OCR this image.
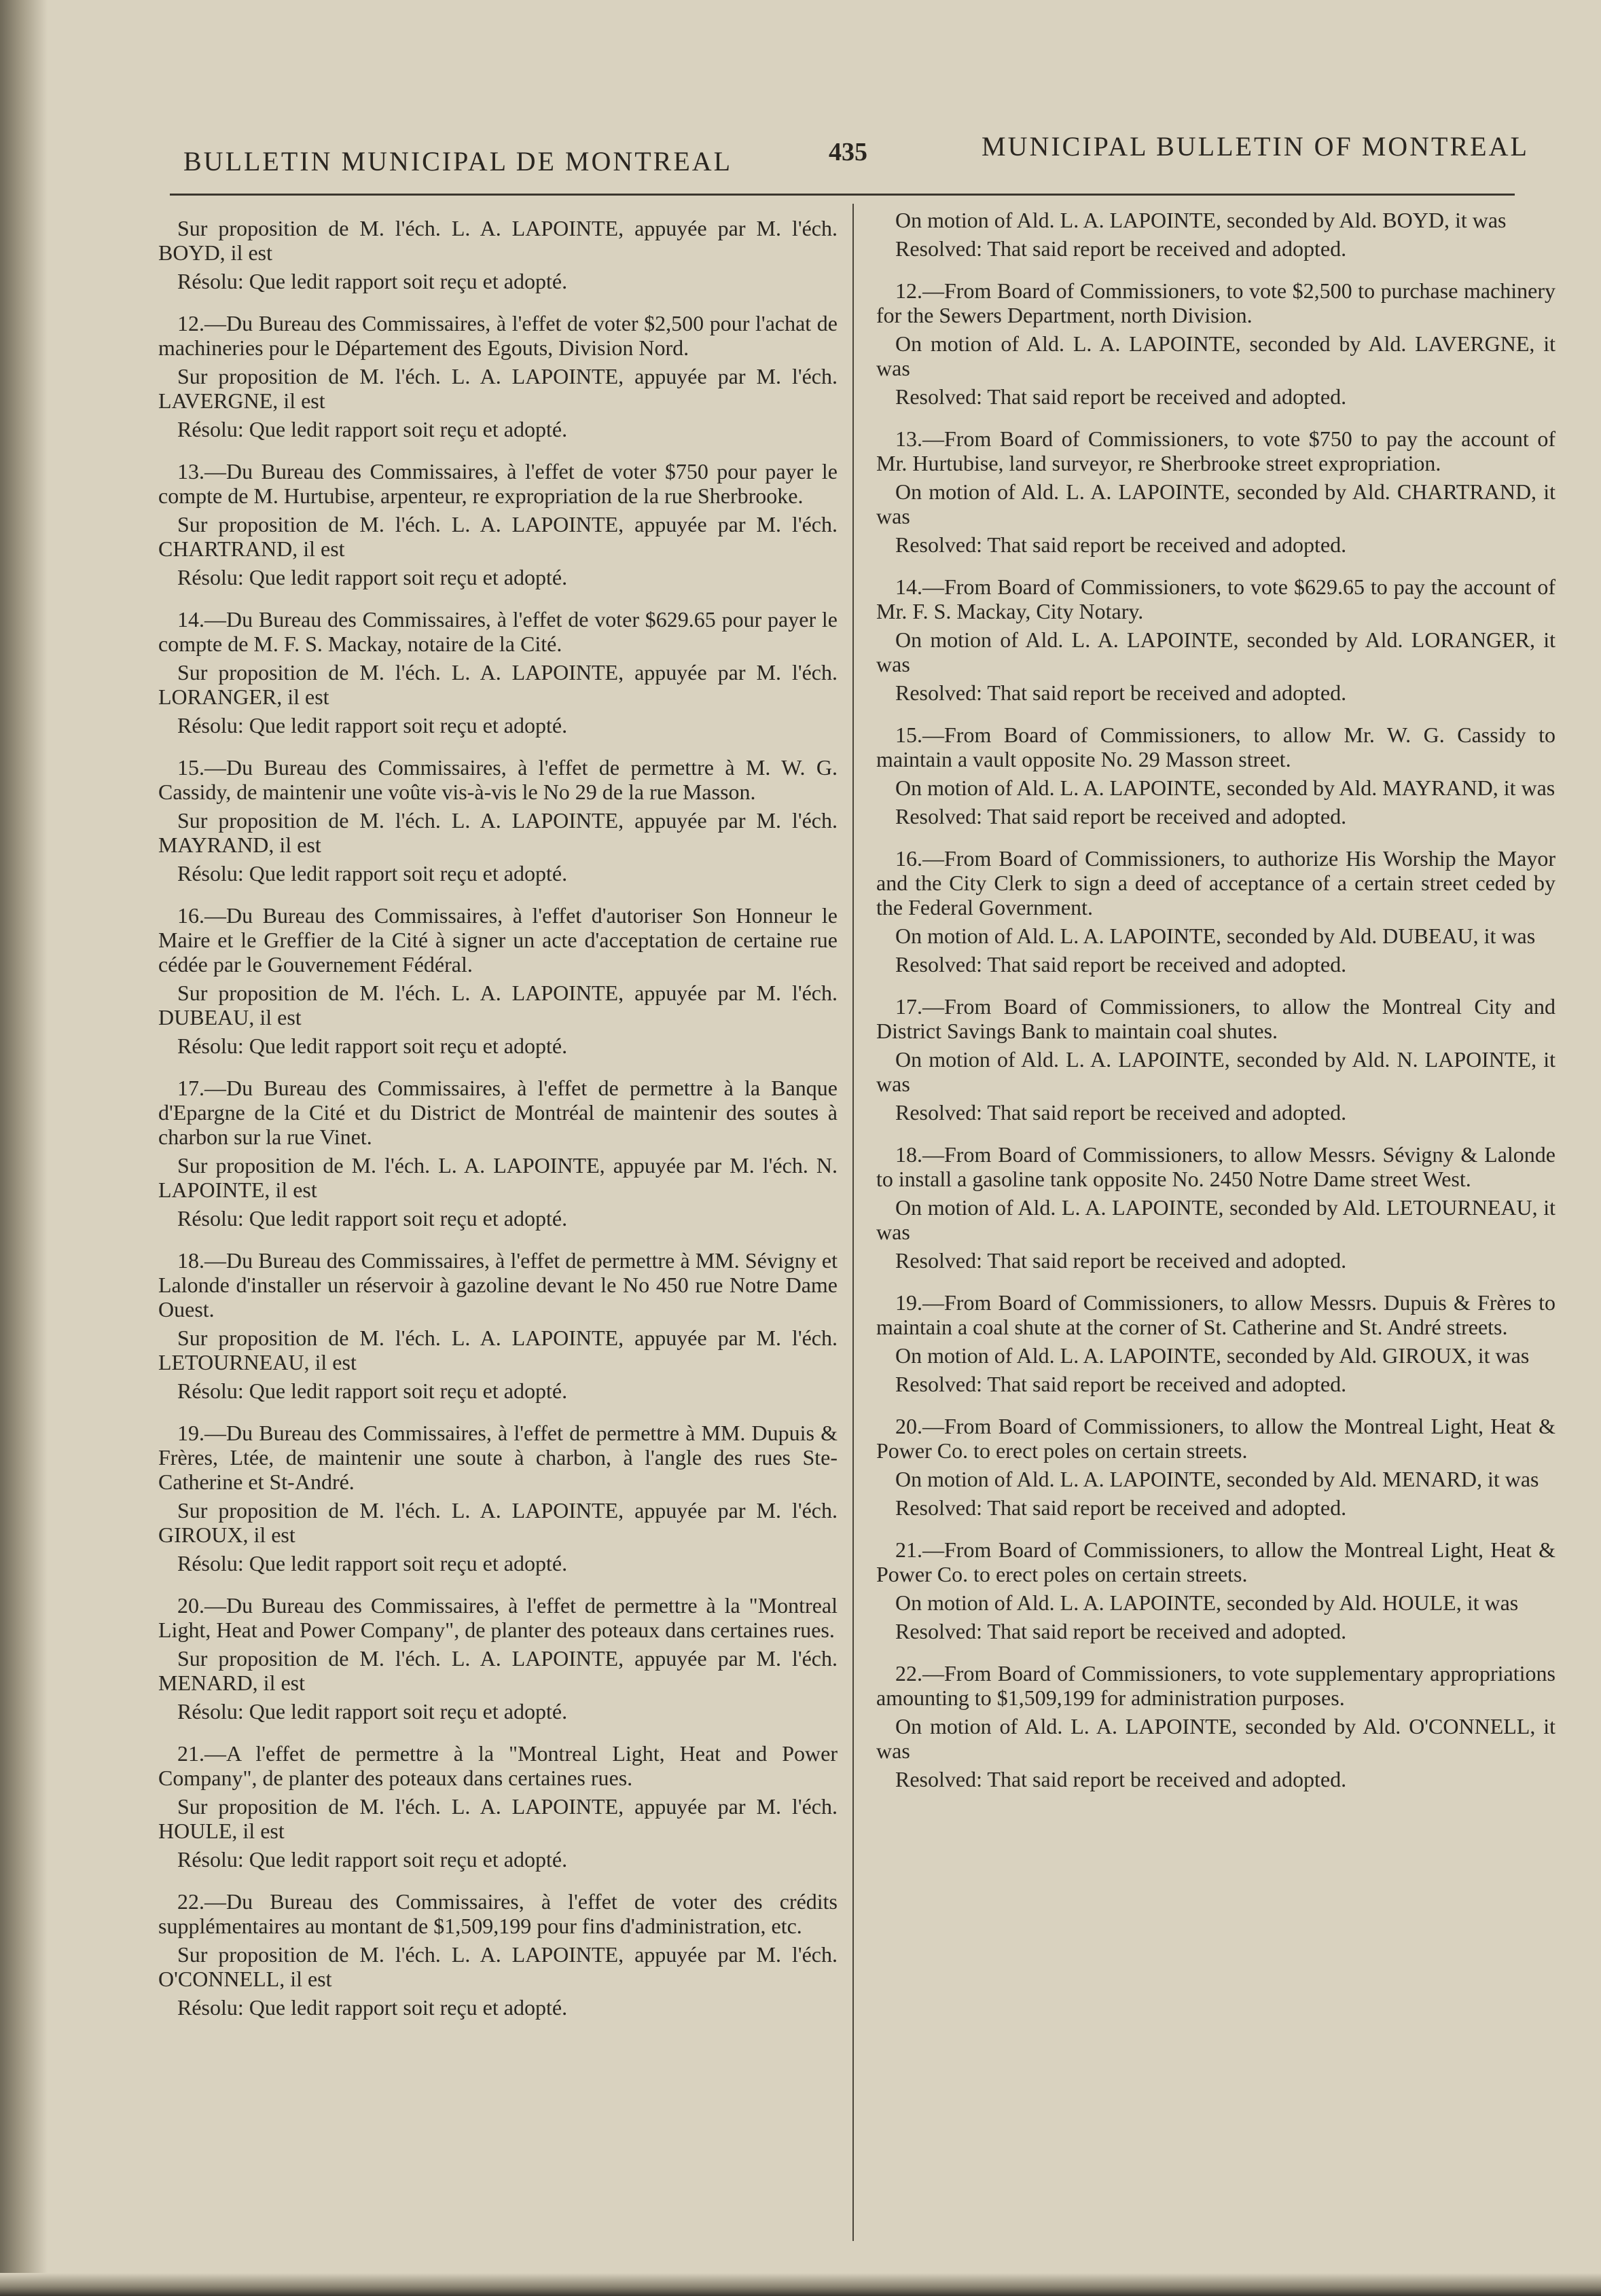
BULLETIN MUNICIPAL DE MONTREAL	435	MUNICIPAL BULLETIN OF MONTREAL

Sur proposition de M. l'éch. L. A. LAPOINTE, appuyée par M. l'éch. BOYD, il est

Résolu: Que ledit rapport soit reçu et adopté.

12.—Du Bureau des Commissaires, à l'effet de voter $2,500 pour l'achat de machineries pour le Département des Egouts, Division Nord.

Sur proposition de M. l'éch. L. A. LAPOINTE, appuyée par M. l'éch. LAVERGNE, il est

Résolu: Que ledit rapport soit reçu et adopté.

13.—Du Bureau des Commissaires, à l'effet de voter $750 pour payer le compte de M. Hurtubise, arpenteur, re expropriation de la rue Sherbrooke.

Sur proposition de M. l'éch. L. A. LAPOINTE, appuyée par M. l'éch. CHARTRAND, il est

Résolu: Que ledit rapport soit reçu et adopté.

14.—Du Bureau des Commissaires, à l'effet de voter $629.65 pour payer le compte de M. F. S. Mackay, notaire de la Cité.

Sur proposition de M. l'éch. L. A. LAPOINTE, appuyée par M. l'éch. LORANGER, il est

Résolu: Que ledit rapport soit reçu et adopté.

15.—Du Bureau des Commissaires, à l'effet de permettre à M. W. G. Cassidy, de maintenir une voûte vis-à-vis le No 29 de la rue Masson.

Sur proposition de M. l'éch. L. A. LAPOINTE, appuyée par M. l'éch. MAYRAND, il est

Résolu: Que ledit rapport soit reçu et adopté.

16.—Du Bureau des Commissaires, à l'effet d'autoriser Son Honneur le Maire et le Greffier de la Cité à signer un acte d'acceptation de certaine rue cédée par le Gouvernement Fédéral.

Sur proposition de M. l'éch. L. A. LAPOINTE, appuyée par M. l'éch. DUBEAU, il est

Résolu: Que ledit rapport soit reçu et adopté.

17.—Du Bureau des Commissaires, à l'effet de permettre à la Banque d'Epargne de la Cité et du District de Montréal de maintenir des soutes à charbon sur la rue Vinet.

Sur proposition de M. l'éch. L. A. LAPOINTE, appuyée par M. l'éch. N. LAPOINTE, il est

Résolu: Que ledit rapport soit reçu et adopté.

18.—Du Bureau des Commissaires, à l'effet de permettre à MM. Sévigny et Lalonde d'installer un réservoir à gazoline devant le No 450 rue Notre Dame Ouest.

Sur proposition de M. l'éch. L. A. LAPOINTE, appuyée par M. l'éch. LETOURNEAU, il est

Résolu: Que ledit rapport soit reçu et adopté.

19.—Du Bureau des Commissaires, à l'effet de permettre à MM. Dupuis & Frères, Ltée, de maintenir une soute à charbon, à l'angle des rues Ste-Catherine et St-André.

Sur proposition de M. l'éch. L. A. LAPOINTE, appuyée par M. l'éch. GIROUX, il est

Résolu: Que ledit rapport soit reçu et adopté.

20.—Du Bureau des Commissaires, à l'effet de permettre à la "Montreal Light, Heat and Power Company", de planter des poteaux dans certaines rues.

Sur proposition de M. l'éch. L. A. LAPOINTE, appuyée par M. l'éch. MENARD, il est

Résolu: Que ledit rapport soit reçu et adopté.

21.—A l'effet de permettre à la "Montreal Light, Heat and Power Company", de planter des poteaux dans certaines rues.

Sur proposition de M. l'éch. L. A. LAPOINTE, appuyée par M. l'éch. HOULE, il est

Résolu: Que ledit rapport soit reçu et adopté.

22.—Du Bureau des Commissaires, à l'effet de voter des crédits supplémentaires au montant de $1,509,199 pour fins d'administration, etc.

Sur proposition de M. l'éch. L. A. LAPOINTE, appuyée par M. l'éch. O'CONNELL, il est

Résolu: Que ledit rapport soit reçu et adopté.

On motion of Ald. L. A. LAPOINTE, seconded by Ald. BOYD, it was

Resolved: That said report be received and adopted.

12.—From Board of Commissioners, to vote $2,500 to purchase machinery for the Sewers Department, north Division.

On motion of Ald. L. A. LAPOINTE, seconded by Ald. LAVERGNE, it was

Resolved: That said report be received and adopted.

13.—From Board of Commissioners, to vote $750 to pay the account of Mr. Hurtubise, land surveyor, re Sherbrooke street expropriation.

On motion of Ald. L. A. LAPOINTE, seconded by Ald. CHARTRAND, it was

Resolved: That said report be received and adopted.

14.—From Board of Commissioners, to vote $629.65 to pay the account of Mr. F. S. Mackay, City Notary.

On motion of Ald. L. A. LAPOINTE, seconded by Ald. LORANGER, it was

Resolved: That said report be received and adopted.

15.—From Board of Commissioners, to allow Mr. W. G. Cassidy to maintain a vault opposite No. 29 Masson street.

On motion of Ald. L. A. LAPOINTE, seconded by Ald. MAYRAND, it was

Resolved: That said report be received and adopted.

16.—From Board of Commissioners, to authorize His Worship the Mayor and the City Clerk to sign a deed of acceptance of a certain street ceded by the Federal Government.

On motion of Ald. L. A. LAPOINTE, seconded by Ald. DUBEAU, it was

Resolved: That said report be received and adopted.

17.—From Board of Commissioners, to allow the Montreal City and District Savings Bank to maintain coal shutes.

On motion of Ald. L. A. LAPOINTE, seconded by Ald. N. LAPOINTE, it was

Resolved: That said report be received and adopted.

18.—From Board of Commissioners, to allow Messrs. Sévigny & Lalonde to install a gasoline tank opposite No. 2450 Notre Dame street West.

On motion of Ald. L. A. LAPOINTE, seconded by Ald. LETOURNEAU, it was

Resolved: That said report be received and adopted.

19.—From Board of Commissioners, to allow Messrs. Dupuis & Frères to maintain a coal shute at the corner of St. Catherine and St. André streets.

On motion of Ald. L. A. LAPOINTE, seconded by Ald. GIROUX, it was

Resolved: That said report be received and adopted.

20.—From Board of Commissioners, to allow the Montreal Light, Heat & Power Co. to erect poles on certain streets.

On motion of Ald. L. A. LAPOINTE, seconded by Ald. MENARD, it was

Resolved: That said report be received and adopted.

21.—From Board of Commissioners, to allow the Montreal Light, Heat & Power Co. to erect poles on certain streets.

On motion of Ald. L. A. LAPOINTE, seconded by Ald. HOULE, it was

Resolved: That said report be received and adopted.

22.—From Board of Commissioners, to vote supplementary appropriations amounting to $1,509,199 for administration purposes.

On motion of Ald. L. A. LAPOINTE, seconded by Ald. O'CONNELL, it was

Resolved: That said report be received and adopted.
